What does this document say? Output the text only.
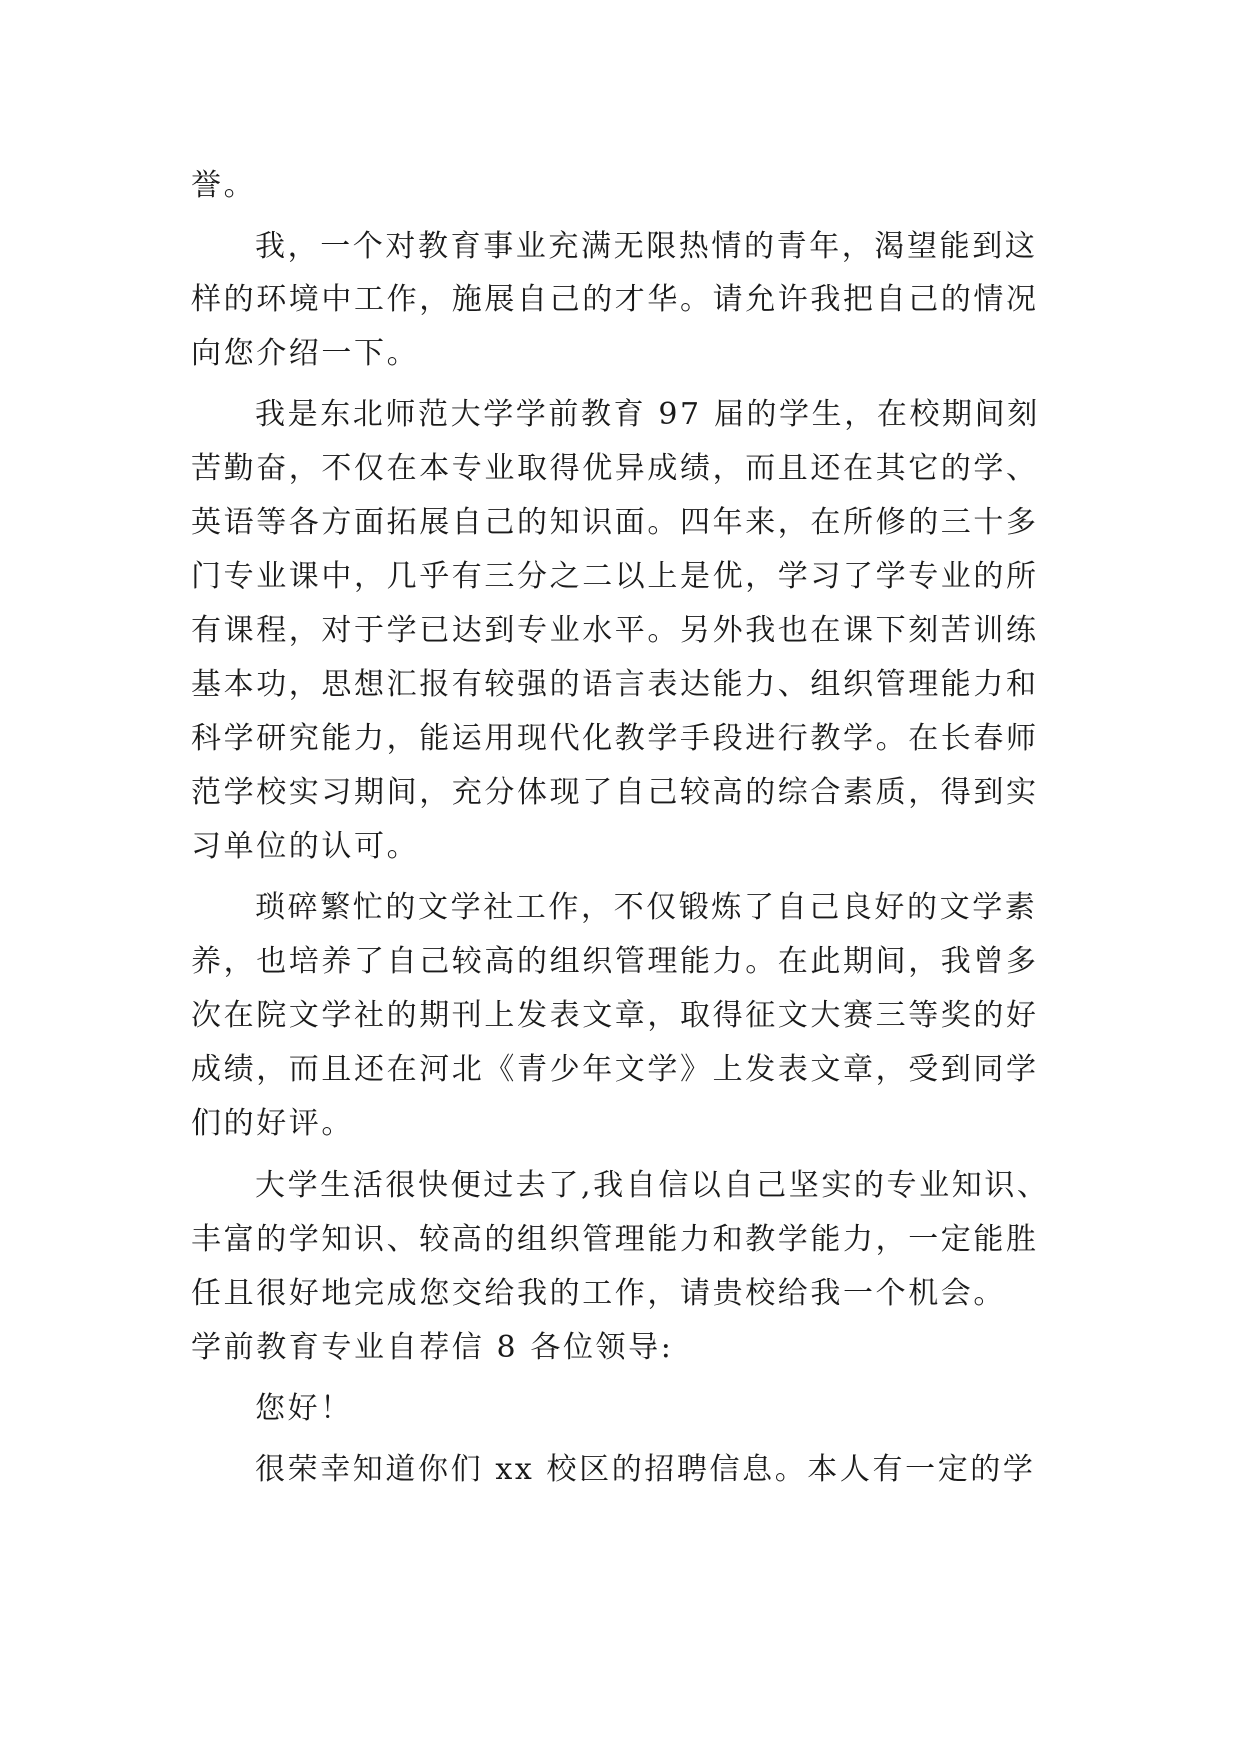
誉。
我，一个对教育事业充满无限热情的青年，渴望能到这
样的环境中工作，施展自己的才华。请允许我把自己的情况
向您介绍一下。
我是东北师范大学学前教育 97 届的学生，在校期间刻
苦勤奋，不仅在本专业取得优异成绩，而且还在其它的学、
英语等各方面拓展自己的知识面。四年来，在所修的三十多
门专业课中，几乎有三分之二以上是优，学习了学专业的所
有课程，对于学已达到专业水平。另外我也在课下刻苦训练
基本功，思想汇报有较强的语言表达能力、组织管理能力和
科学研究能力，能运用现代化教学手段进行教学。在长春师
范学校实习期间，充分体现了自己较高的综合素质，得到实
习单位的认可。
琐碎繁忙的文学社工作，不仅锻炼了自己良好的文学素
养，也培养了自己较高的组织管理能力。在此期间，我曾多
次在院文学社的期刊上发表文章，取得征文大赛三等奖的好
成绩，而且还在河北《青少年文学》上发表文章，受到同学
们的好评。
大学生活很快便过去了,我自信以自己坚实的专业知识、
丰富的学知识、较高的组织管理能力和教学能力，一定能胜
任且很好地完成您交给我的工作，请贵校给我一个机会。
学前教育专业自荐信 8 各位领导:
您好！
很荣幸知道你们 xx 校区的招聘信息。本人有一定的学
